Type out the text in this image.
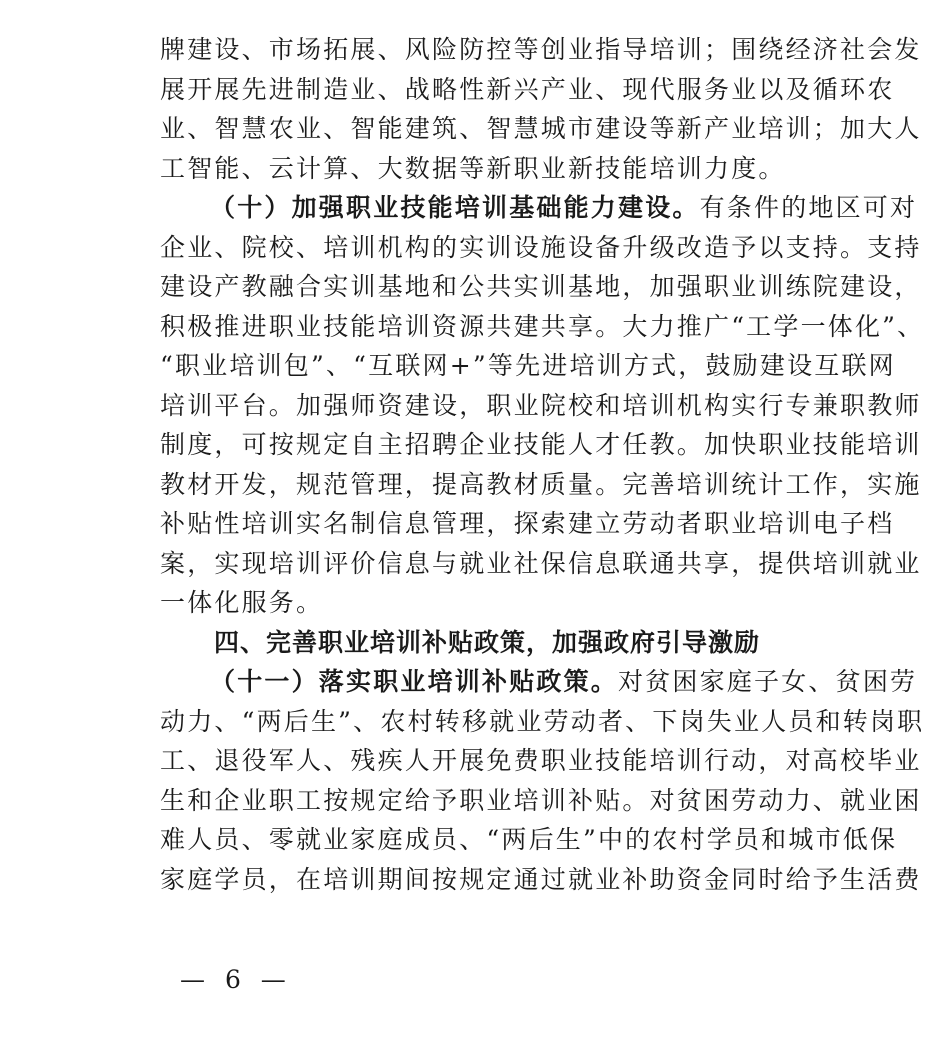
牌建设、市场拓展、风险防控等创业指导培训；围绕经济社会发
展开展先进制造业、战略性新兴产业、现代服务业以及循环农
业、智慧农业、智能建筑、智慧城市建设等新产业培训；加大人
工智能、云计算、大数据等新职业新技能培训力度。
（十）加强职业技能培训基础能力建设。有条件的地区可对
企业、院校、培训机构的实训设施设备升级改造予以支持。支持
建设产教融合实训基地和公共实训基地，加强职业训练院建设，
积极推进职业技能培训资源共建共享。大力推广“工学一体化”、
“职业培训包”、“互联网+”等先进培训方式，鼓励建设互联网
培训平台。加强师资建设，职业院校和培训机构实行专兼职教师
制度，可按规定自主招聘企业技能人才任教。加快职业技能培训
教材开发，规范管理，提高教材质量。完善培训统计工作，实施
补贴性培训实名制信息管理，探索建立劳动者职业培训电子档
案，实现培训评价信息与就业社保信息联通共享，提供培训就业
一体化服务。
四、完善职业培训补贴政策，加强政府引导激励
（十一）落实职业培训补贴政策。对贫困家庭子女、贫困劳
动力、“两后生”、农村转移就业劳动者、下岗失业人员和转岗职
工、退役军人、残疾人开展免费职业技能培训行动，对高校毕业
生和企业职工按规定给予职业培训补贴。对贫困劳动力、就业困
难人员、零就业家庭成员、“两后生”中的农村学员和城市低保
家庭学员，在培训期间按规定通过就业补助资金同时给予生活费
— 6 —
